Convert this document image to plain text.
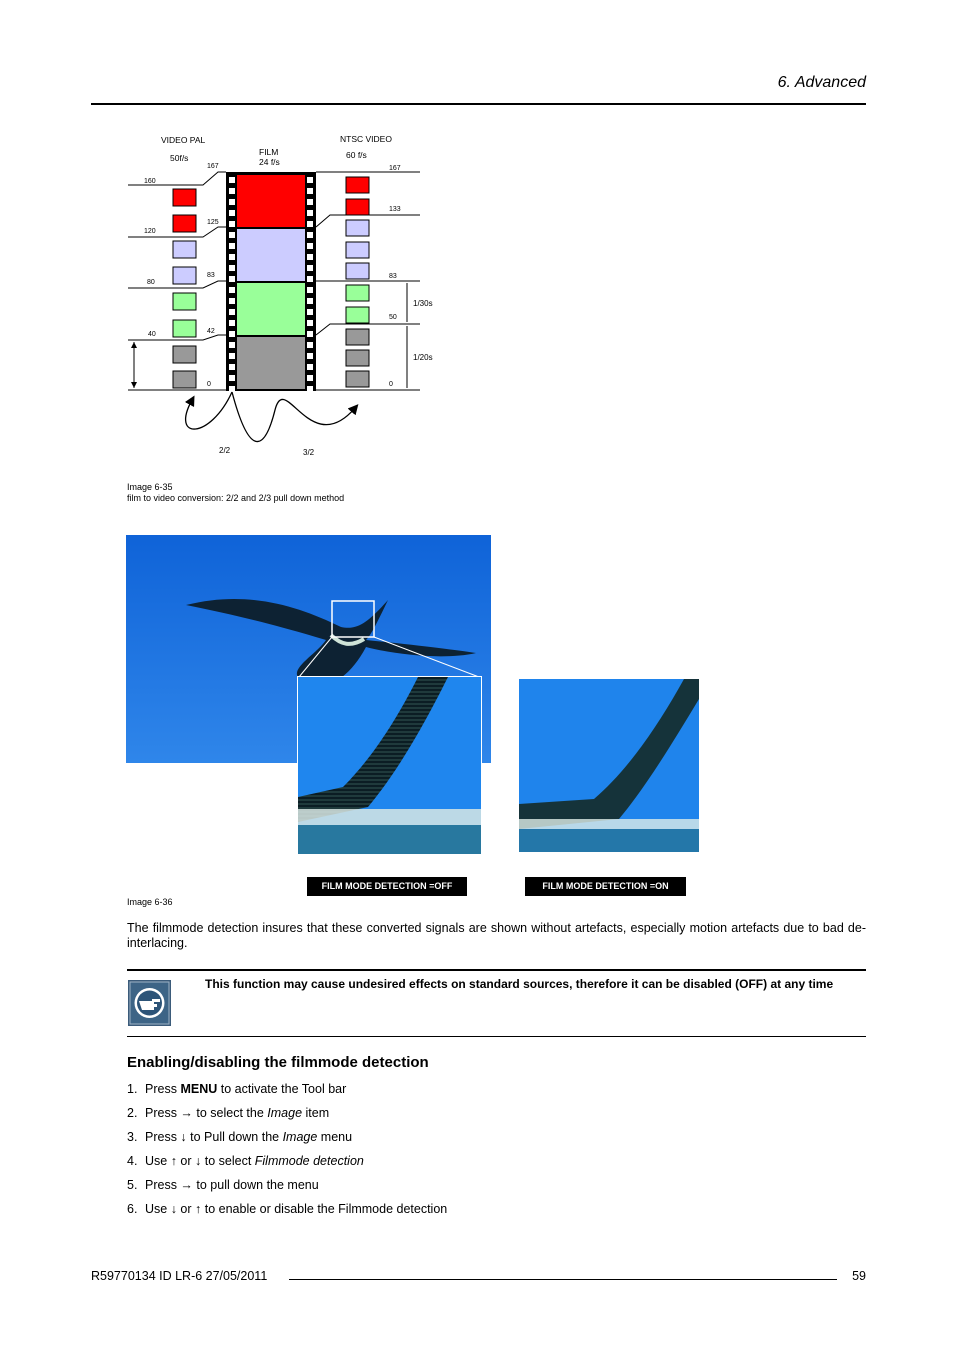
6. Advanced
VIDEO PAL
50f/s
FILM
24 f/s
NTSC VIDEO
60 f/s
167
160
125
120
83
80
42
40
0
167
133
83
50
0
1/30s
1/20s
2/2	3/2
Image 6-35
film to video conversion: 2/2 and 2/3 pull down method
FILM MODE DETECTION =OFF	FILM MODE DETECTION =ON
Image 6-36
The filmmode detection insures that these converted signals are shown without artefacts, especially motion artefacts due to bad de-interlacing.
This function may cause undesired effects on standard sources, therefore it can be disabled (OFF) at any time
Enabling/disabling the filmmode detection
1. Press MENU to activate the Tool bar
2. Press → to select the Image item
3. Press ↓ to Pull down the Image menu
4. Use ↑ or ↓ to select Filmmode detection
5. Press → to pull down the menu
6. Use ↓ or ↑ to enable or disable the Filmmode detection
R59770134 ID LR-6 27/05/2011	59
